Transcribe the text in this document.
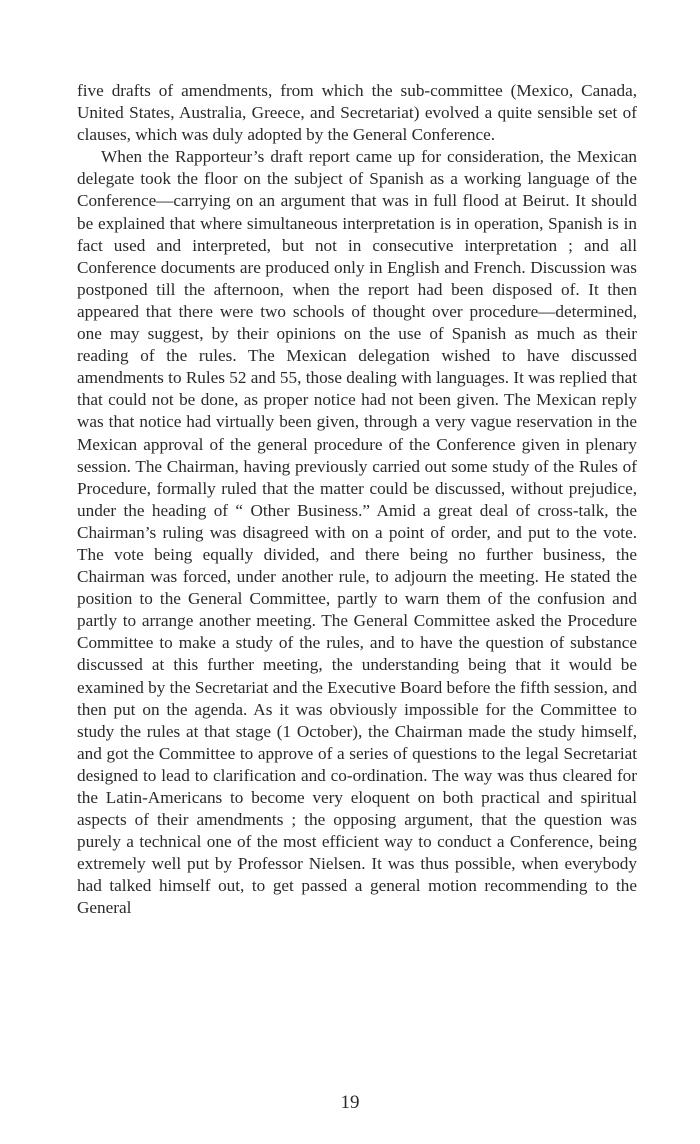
five drafts of amendments, from which the sub-committee (Mexico, Canada, United States, Australia, Greece, and Secretariat) evolved a quite sensible set of clauses, which was duly adopted by the General Conference.

When the Rapporteur’s draft report came up for consideration, the Mexican delegate took the floor on the subject of Spanish as a working language of the Conference—carrying on an argument that was in full flood at Beirut. It should be explained that where simultaneous interpretation is in operation, Spanish is in fact used and interpreted, but not in consecutive interpretation ; and all Conference documents are produced only in English and French. Discussion was postponed till the afternoon, when the report had been disposed of. It then appeared that there were two schools of thought over procedure—determined, one may suggest, by their opinions on the use of Spanish as much as their reading of the rules. The Mexican delegation wished to have discussed amendments to Rules 52 and 55, those dealing with languages. It was replied that that could not be done, as proper notice had not been given. The Mexican reply was that notice had virtually been given, through a very vague reservation in the Mexican approval of the general procedure of the Conference given in plenary session. The Chairman, having previously carried out some study of the Rules of Procedure, formally ruled that the matter could be discussed, without prejudice, under the heading of “ Other Business.” Amid a great deal of cross-talk, the Chairman’s ruling was disagreed with on a point of order, and put to the vote. The vote being equally divided, and there being no further business, the Chairman was forced, under another rule, to adjourn the meeting. He stated the position to the General Committee, partly to warn them of the confusion and partly to arrange another meeting. The General Committee asked the Procedure Committee to make a study of the rules, and to have the question of substance discussed at this further meeting, the understanding being that it would be examined by the Secretariat and the Executive Board before the fifth session, and then put on the agenda. As it was obviously impossible for the Committee to study the rules at that stage (1 October), the Chairman made the study himself, and got the Committee to approve of a series of questions to the legal Secretariat designed to lead to clarification and co-ordination. The way was thus cleared for the Latin-Americans to become very eloquent on both practical and spiritual aspects of their amendments ; the opposing argument, that the question was purely a technical one of the most efficient way to conduct a Conference, being extremely well put by Professor Nielsen. It was thus possible, when everybody had talked himself out, to get passed a general motion recommending to the General

19
